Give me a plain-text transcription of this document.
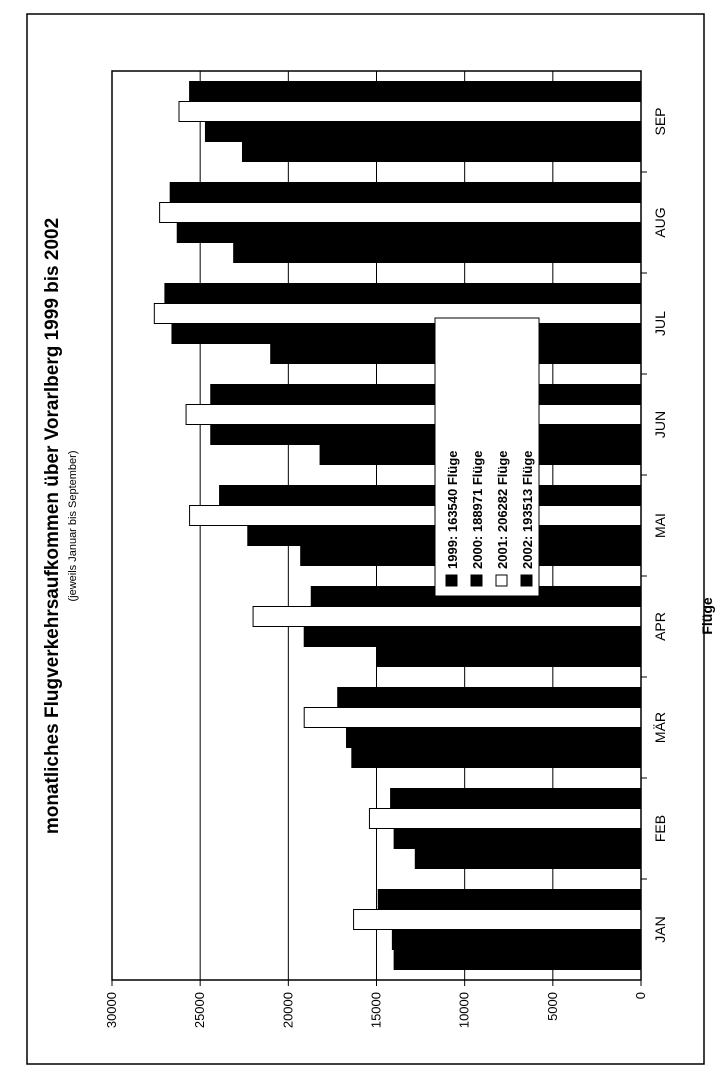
0
5000
10000
15000
20000
25000
30000
JAN
FEB
MÄR
APR
MAI
JUN
JUL
AUG
SEP
monatliches Flugverkehrsaufkommen über Vorarlberg 1999 bis 2002 (jeweils Januar bis September)
Flüge
1999: 163540 Flüge 2000: 188971 Flüge 2001: 206282 Flüge 2002: 193513 Flüge
